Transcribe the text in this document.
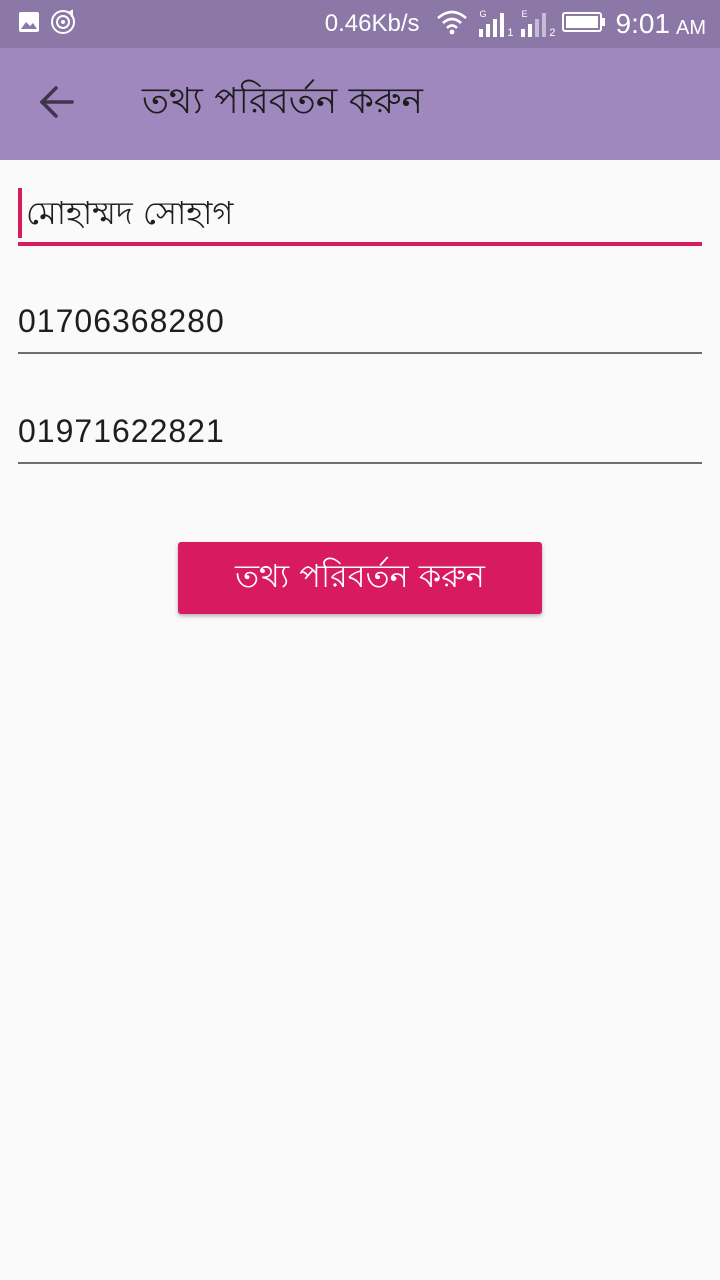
0.46Kb/s	G
1
E
2 9:01 AM
তথ্য পরিবর্তন করুন
মোহাম্মদ সোহাগ
01706368280
01971622821
তথ্য পরিবর্তন করুন
